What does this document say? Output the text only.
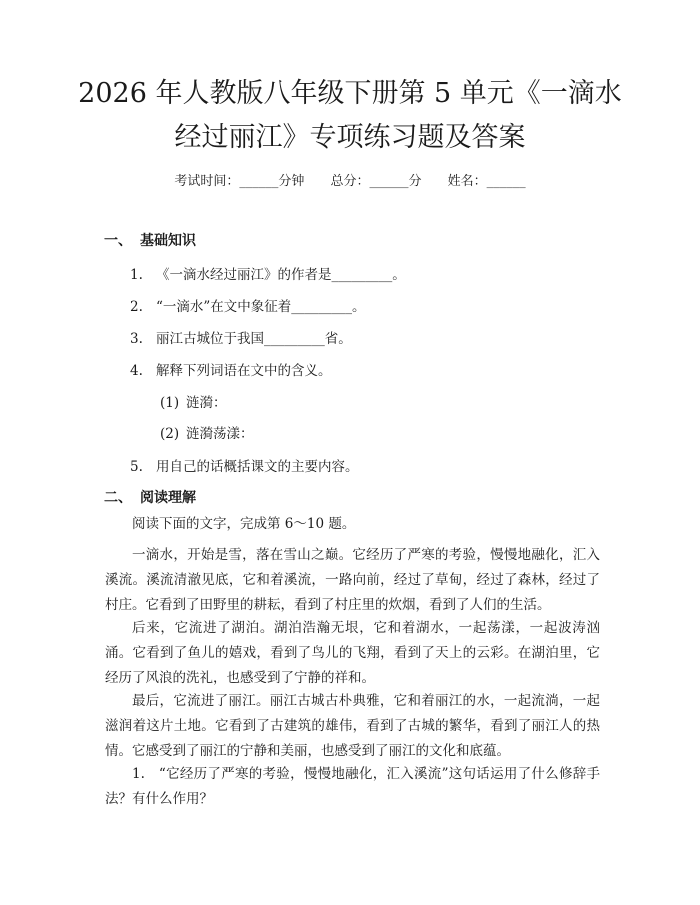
2026 年人教版八年级下册第 5 单元《一滴水
经过丽江》专项练习题及答案
考试时间：______分钟 总分：______分 姓名：______
一、 基础知识
1. 《一滴水经过丽江》的作者是_________。
2. “一滴水”在文中象征着_________。
3. 丽江古城位于我国_________省。
4. 解释下列词语在文中的含义。
(1) 涟漪：
(2) 涟漪荡漾：
5. 用自己的话概括课文的主要内容。
二、 阅读理解

阅读下面的文字，完成第 6～10 题。

一滴水，开始是雪，落在雪山之巅。它经历了严寒的考验，慢慢地融化，汇入溪流。溪流清澈见底，它和着溪流，一路向前，经过了草甸，经过了森林，经过了村庄。它看到了田野里的耕耘，看到了村庄里的炊烟，看到了人们的生活。

后来，它流进了湖泊。湖泊浩瀚无垠，它和着湖水，一起荡漾，一起波涛汹涌。它看到了鱼儿的嬉戏，看到了鸟儿的飞翔，看到了天上的云彩。在湖泊里，它经历了风浪的洗礼，也感受到了宁静的祥和。

最后，它流进了丽江。丽江古城古朴典雅，它和着丽江的水，一起流淌，一起滋润着这片土地。它看到了古建筑的雄伟，看到了古城的繁华，看到了丽江人的热情。它感受到了丽江的宁静和美丽，也感受到了丽江的文化和底蕴。

1.　“它经历了严寒的考验，慢慢地融化，汇入溪流”这句话运用了什么修辞手法？有什么作用？
